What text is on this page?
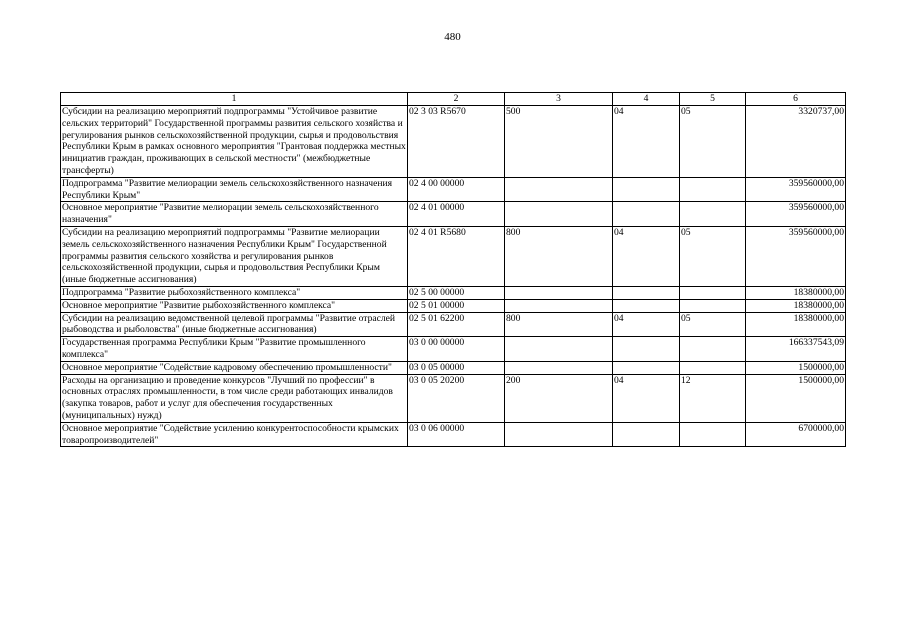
480
1	2	3	4	5	6
Субсидии на реализацию мероприятий подпрограммы "Устойчивое развитие сельских территорий" Государственной программы развития сельского хозяйства и регулирования рынков сельскохозяйственной продукции, сырья и продовольствия Республики Крым в рамках основного мероприятия "Грантовая поддержка местных инициатив граждан, проживающих в сельской местности" (межбюджетные трансферты)	02 3 03 R5670	500	04	05	3320737,00
Подпрограмма "Развитие мелиорации земель сельскохозяйственного назначения Республики Крым"	02 4 00 00000				359560000,00
Основное мероприятие "Развитие мелиорации земель сельскохозяйственного назначения"	02 4 01 00000				359560000,00
Субсидии на реализацию мероприятий подпрограммы "Развитие мелиорации земель сельскохозяйственного назначения Республики Крым" Государственной программы развития сельского хозяйства и регулирования рынков сельскохозяйственной продукции, сырья и продовольствия Республики Крым (иные бюджетные ассигнования)	02 4 01 R5680	800	04	05	359560000,00
Подпрограмма "Развитие рыбохозяйственного комплекса"	02 5 00 00000				18380000,00
Основное мероприятие "Развитие рыбохозяйственного комплекса"	02 5 01 00000				18380000,00
Субсидии на реализацию ведомственной целевой программы "Развитие отраслей рыбоводства и рыболовства" (иные бюджетные ассигнования)	02 5 01 62200	800	04	05	18380000,00
Государственная программа Республики Крым "Развитие промышленного комплекса"	03 0 00 00000				166337543,09
Основное мероприятие "Содействие кадровому обеспечению промышленности"	03 0 05 00000				1500000,00
Расходы на организацию и проведение конкурсов "Лучший по профессии" в основных отраслях промышленности, в том числе среди работающих инвалидов (закупка товаров, работ и услуг для обеспечения государственных (муниципальных) нужд)	03 0 05 20200	200	04	12	1500000,00
Основное мероприятие "Содействие усилению конкурентоспособности крымских товаропроизводителей"	03 0 06 00000				6700000,00
